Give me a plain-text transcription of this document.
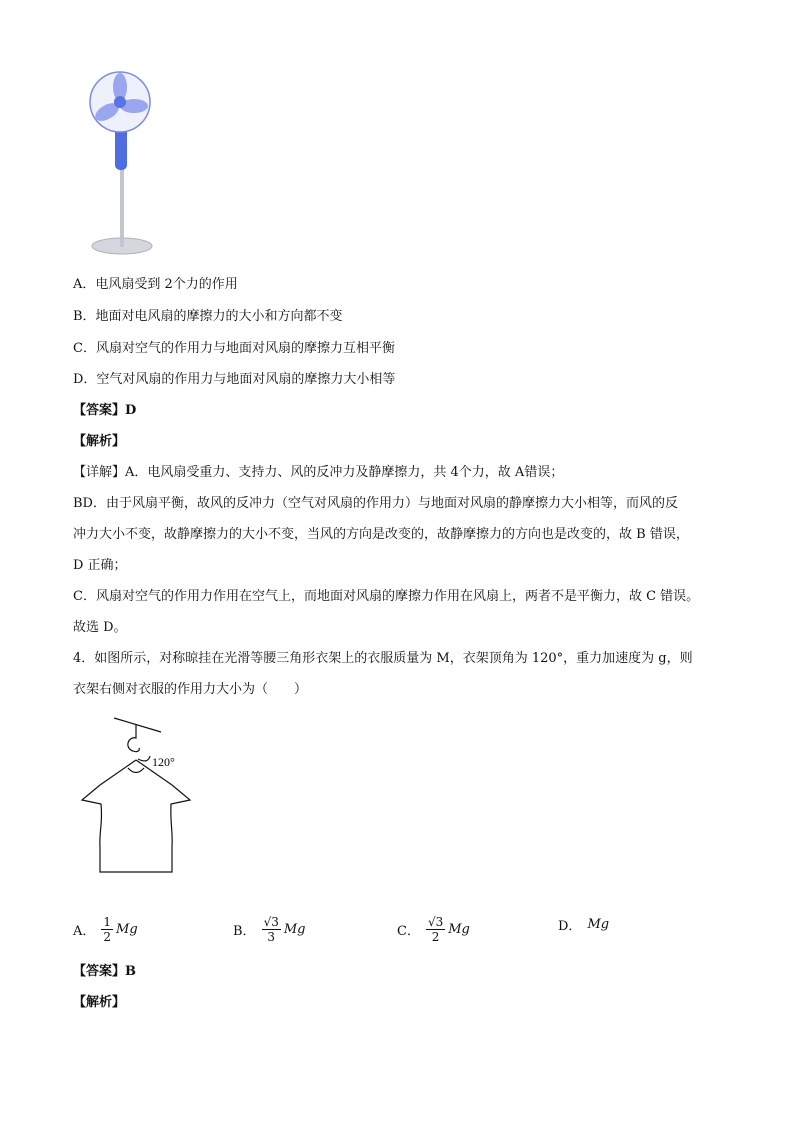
A．电风扇受到 2个力的作用
B．地面对电风扇的摩擦力的大小和方向都不变
C．风扇对空气的作用力与地面对风扇的摩擦力互相平衡
D．空气对风扇的作用力与地面对风扇的摩擦力大小相等
【答案】D
【解析】
【详解】A．电风扇受重力、支持力、风的反冲力及静摩擦力，共 4个力，故 A错误；
BD．由于风扇平衡，故风的反冲力（空气对风扇的作用力）与地面对风扇的静摩擦力大小相等，而风的反
冲力大小不变，故静摩擦力的大小不变，当风的方向是改变的，故静摩擦力的方向也是改变的，故 B 错误，
D 正确；
C．风扇对空气的作用力作用在空气上，而地面对风扇的摩擦力作用在风扇上，两者不是平衡力，故 C 错误。
故选 D。
4．如图所示，对称晾挂在光滑等腰三角形衣架上的衣服质量为 M，衣架顶角为 120°，重力加速度为 g，则
衣架右侧对衣服的作用力大小为（　　）
120°
A． $\frac{1}{2}$ Mg	B． $\frac{√3}{3}$ Mg	C． $\frac{√3}{2}$ Mg	D． Mg
【答案】B
【解析】
